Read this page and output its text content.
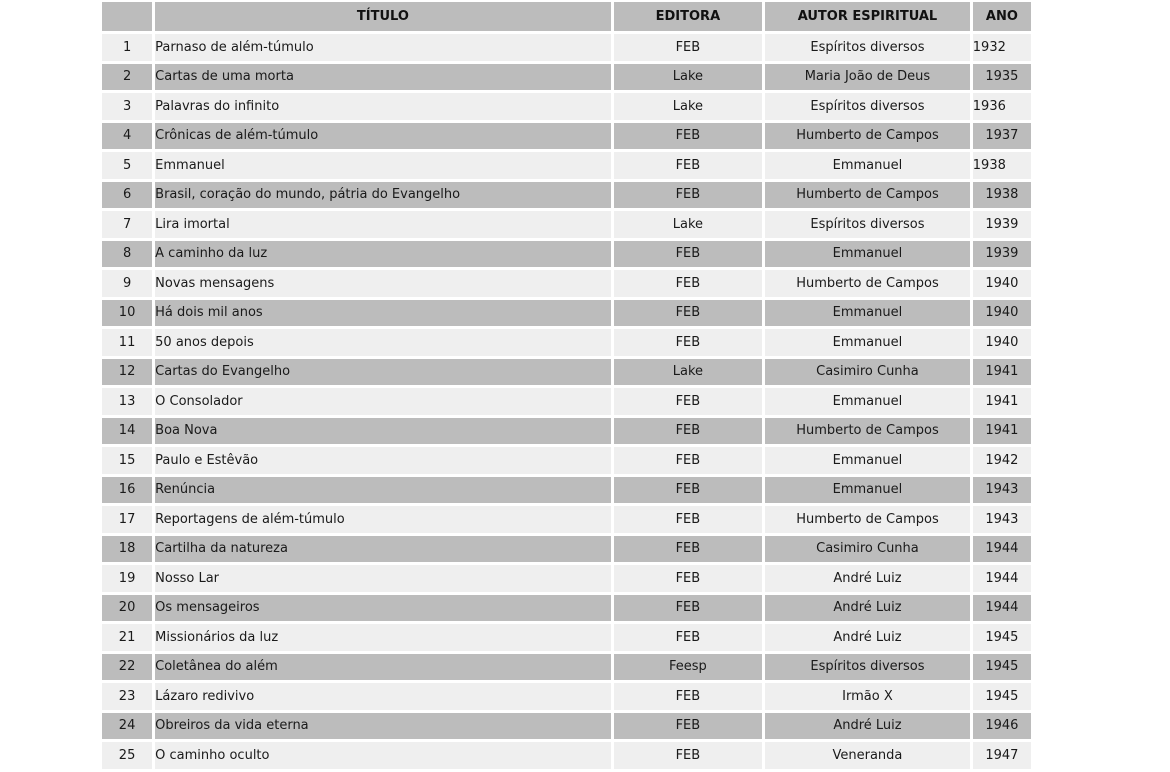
	TÍTULO	EDITORA	AUTOR ESPIRITUAL	ANO
1	Parnaso de além-túmulo	FEB	Espíritos diversos	1932
2	Cartas de uma morta	Lake	Maria João de Deus	1935
3	Palavras do infinito	Lake	Espíritos diversos	1936
4	Crônicas de além-túmulo	FEB	Humberto de Campos	1937
5	Emmanuel	FEB	Emmanuel	1938
6	Brasil, coração do mundo, pátria do Evangelho	FEB	Humberto de Campos	1938
7	Lira imortal	Lake	Espíritos diversos	1939
8	A caminho da luz	FEB	Emmanuel	1939
9	Novas mensagens	FEB	Humberto de Campos	1940
10	Há dois mil anos	FEB	Emmanuel	1940
11	50 anos depois	FEB	Emmanuel	1940
12	Cartas do Evangelho	Lake	Casimiro Cunha	1941
13	O Consolador	FEB	Emmanuel	1941
14	Boa Nova	FEB	Humberto de Campos	1941
15	Paulo e Estêvão	FEB	Emmanuel	1942
16	Renúncia	FEB	Emmanuel	1943
17	Reportagens de além-túmulo	FEB	Humberto de Campos	1943
18	Cartilha da natureza	FEB	Casimiro Cunha	1944
19	Nosso Lar	FEB	André Luiz	1944
20	Os mensageiros	FEB	André Luiz	1944
21	Missionários da luz	FEB	André Luiz	1945
22	Coletânea do além	Feesp	Espíritos diversos	1945
23	Lázaro redivivo	FEB	Irmão X	1945
24	Obreiros da vida eterna	FEB	André Luiz	1946
25	O caminho oculto	FEB	Veneranda	1947
